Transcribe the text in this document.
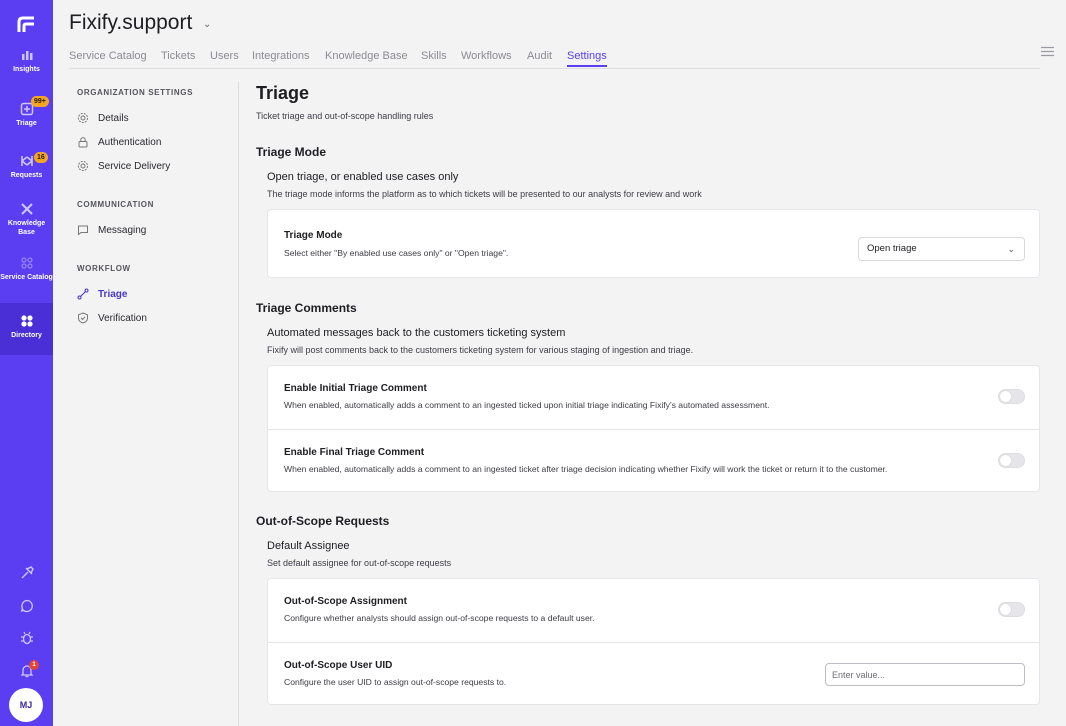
Insights
Triage
99+
Requests
16
Knowledge Base
Service Catalog
Directory
1
MJ
Fixify.support ⌄
Service Catalog Tickets Users Integrations Knowledge Base Skills Workflows Audit Settings
ORGANIZATION SETTINGS
Details
Authentication
Service Delivery
COMMUNICATION
Messaging
WORKFLOW
Triage
Verification
Triage
Ticket triage and out-of-scope handling rules
Triage Mode
Open triage, or enabled use cases only
The triage mode informs the platform as to which tickets will be presented to our analysts for review and work
Triage Mode
Select either "By enabled use cases only" or "Open triage".	Open triage	⌄
Triage Comments
Automated messages back to the customers ticketing system
Fixify will post comments back to the customers ticketing system for various staging of ingestion and triage.
Enable Initial Triage Comment
When enabled, automatically adds a comment to an ingested ticked upon initial triage indicating Fixify's automated assessment.
Enable Final Triage Comment
When enabled, automatically adds a comment to an ingested ticket after triage decision indicating whether Fixify will work the ticket or return it to the customer.
Out-of-Scope Requests
Default Assignee
Set default assignee for out-of-scope requests
Out-of-Scope Assignment
Configure whether analysts should assign out-of-scope requests to a default user.
Out-of-Scope User UID
Configure the user UID to assign out-of-scope requests to.
Enter value...
